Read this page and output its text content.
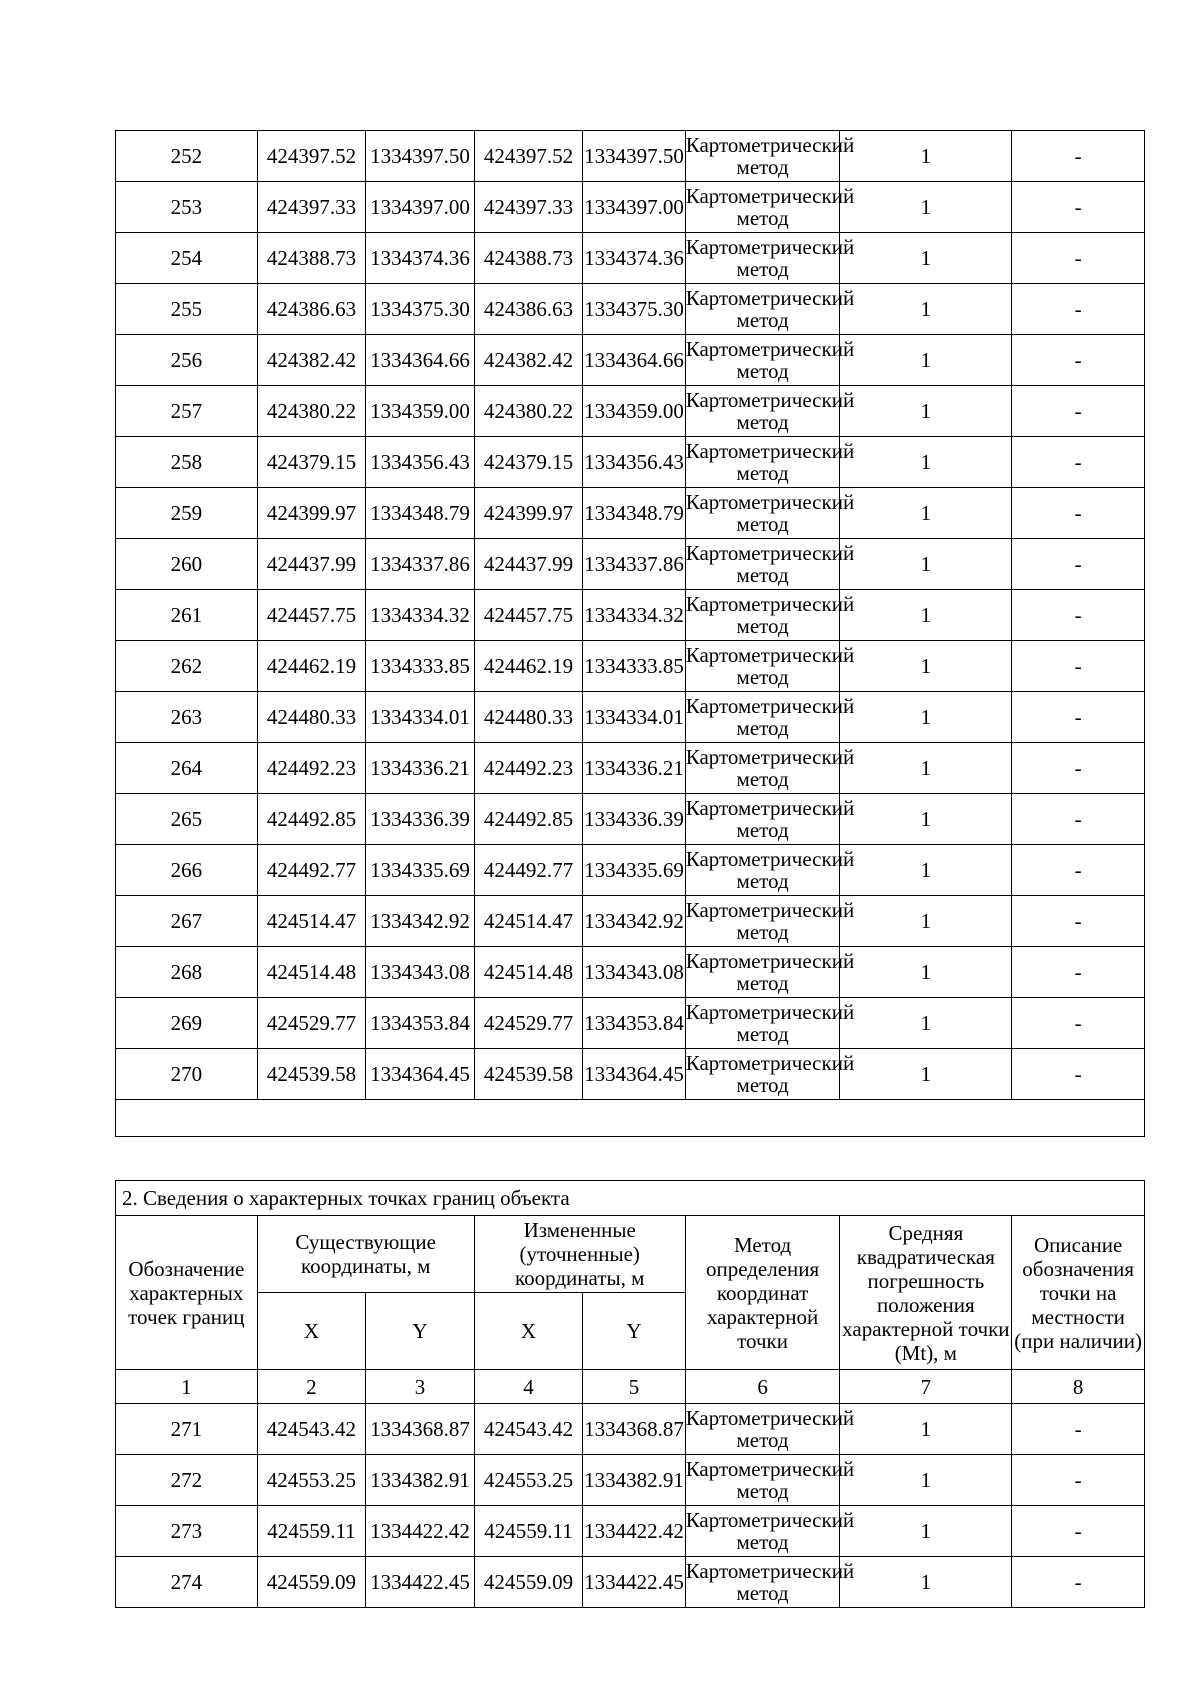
252	424397.52	1334397.50	424397.52	1334397.50	Картометрический метод	1	-
253	424397.33	1334397.00	424397.33	1334397.00	Картометрический метод	1	-
254	424388.73	1334374.36	424388.73	1334374.36	Картометрический метод	1	-
255	424386.63	1334375.30	424386.63	1334375.30	Картометрический метод	1	-
256	424382.42	1334364.66	424382.42	1334364.66	Картометрический метод	1	-
257	424380.22	1334359.00	424380.22	1334359.00	Картометрический метод	1	-
258	424379.15	1334356.43	424379.15	1334356.43	Картометрический метод	1	-
259	424399.97	1334348.79	424399.97	1334348.79	Картометрический метод	1	-
260	424437.99	1334337.86	424437.99	1334337.86	Картометрический метод	1	-
261	424457.75	1334334.32	424457.75	1334334.32	Картометрический метод	1	-
262	424462.19	1334333.85	424462.19	1334333.85	Картометрический метод	1	-
263	424480.33	1334334.01	424480.33	1334334.01	Картометрический метод	1	-
264	424492.23	1334336.21	424492.23	1334336.21	Картометрический метод	1	-
265	424492.85	1334336.39	424492.85	1334336.39	Картометрический метод	1	-
266	424492.77	1334335.69	424492.77	1334335.69	Картометрический метод	1	-
267	424514.47	1334342.92	424514.47	1334342.92	Картометрический метод	1	-
268	424514.48	1334343.08	424514.48	1334343.08	Картометрический метод	1	-
269	424529.77	1334353.84	424529.77	1334353.84	Картометрический метод	1	-
270	424539.58	1334364.45	424539.58	1334364.45	Картометрический метод	1	-

2. Сведения о характерных точках границ объекта							
Обозначение характерных точек границ	Существующие координаты, м		Измененные (уточненные) координаты, м		Метод определения координат характерной точки	Средняя квадратическая погрешность положения характерной точки (Mt), м	Описание обозначения точки на местности (при наличии)
	X	Y	X	Y			
1	2	3	4	5	6	7	8
271	424543.42	1334368.87	424543.42	1334368.87	Картометрический метод	1	-
272	424553.25	1334382.91	424553.25	1334382.91	Картометрический метод	1	-
273	424559.11	1334422.42	424559.11	1334422.42	Картометрический метод	1	-
274	424559.09	1334422.45	424559.09	1334422.45	Картометрический метод	1	-
